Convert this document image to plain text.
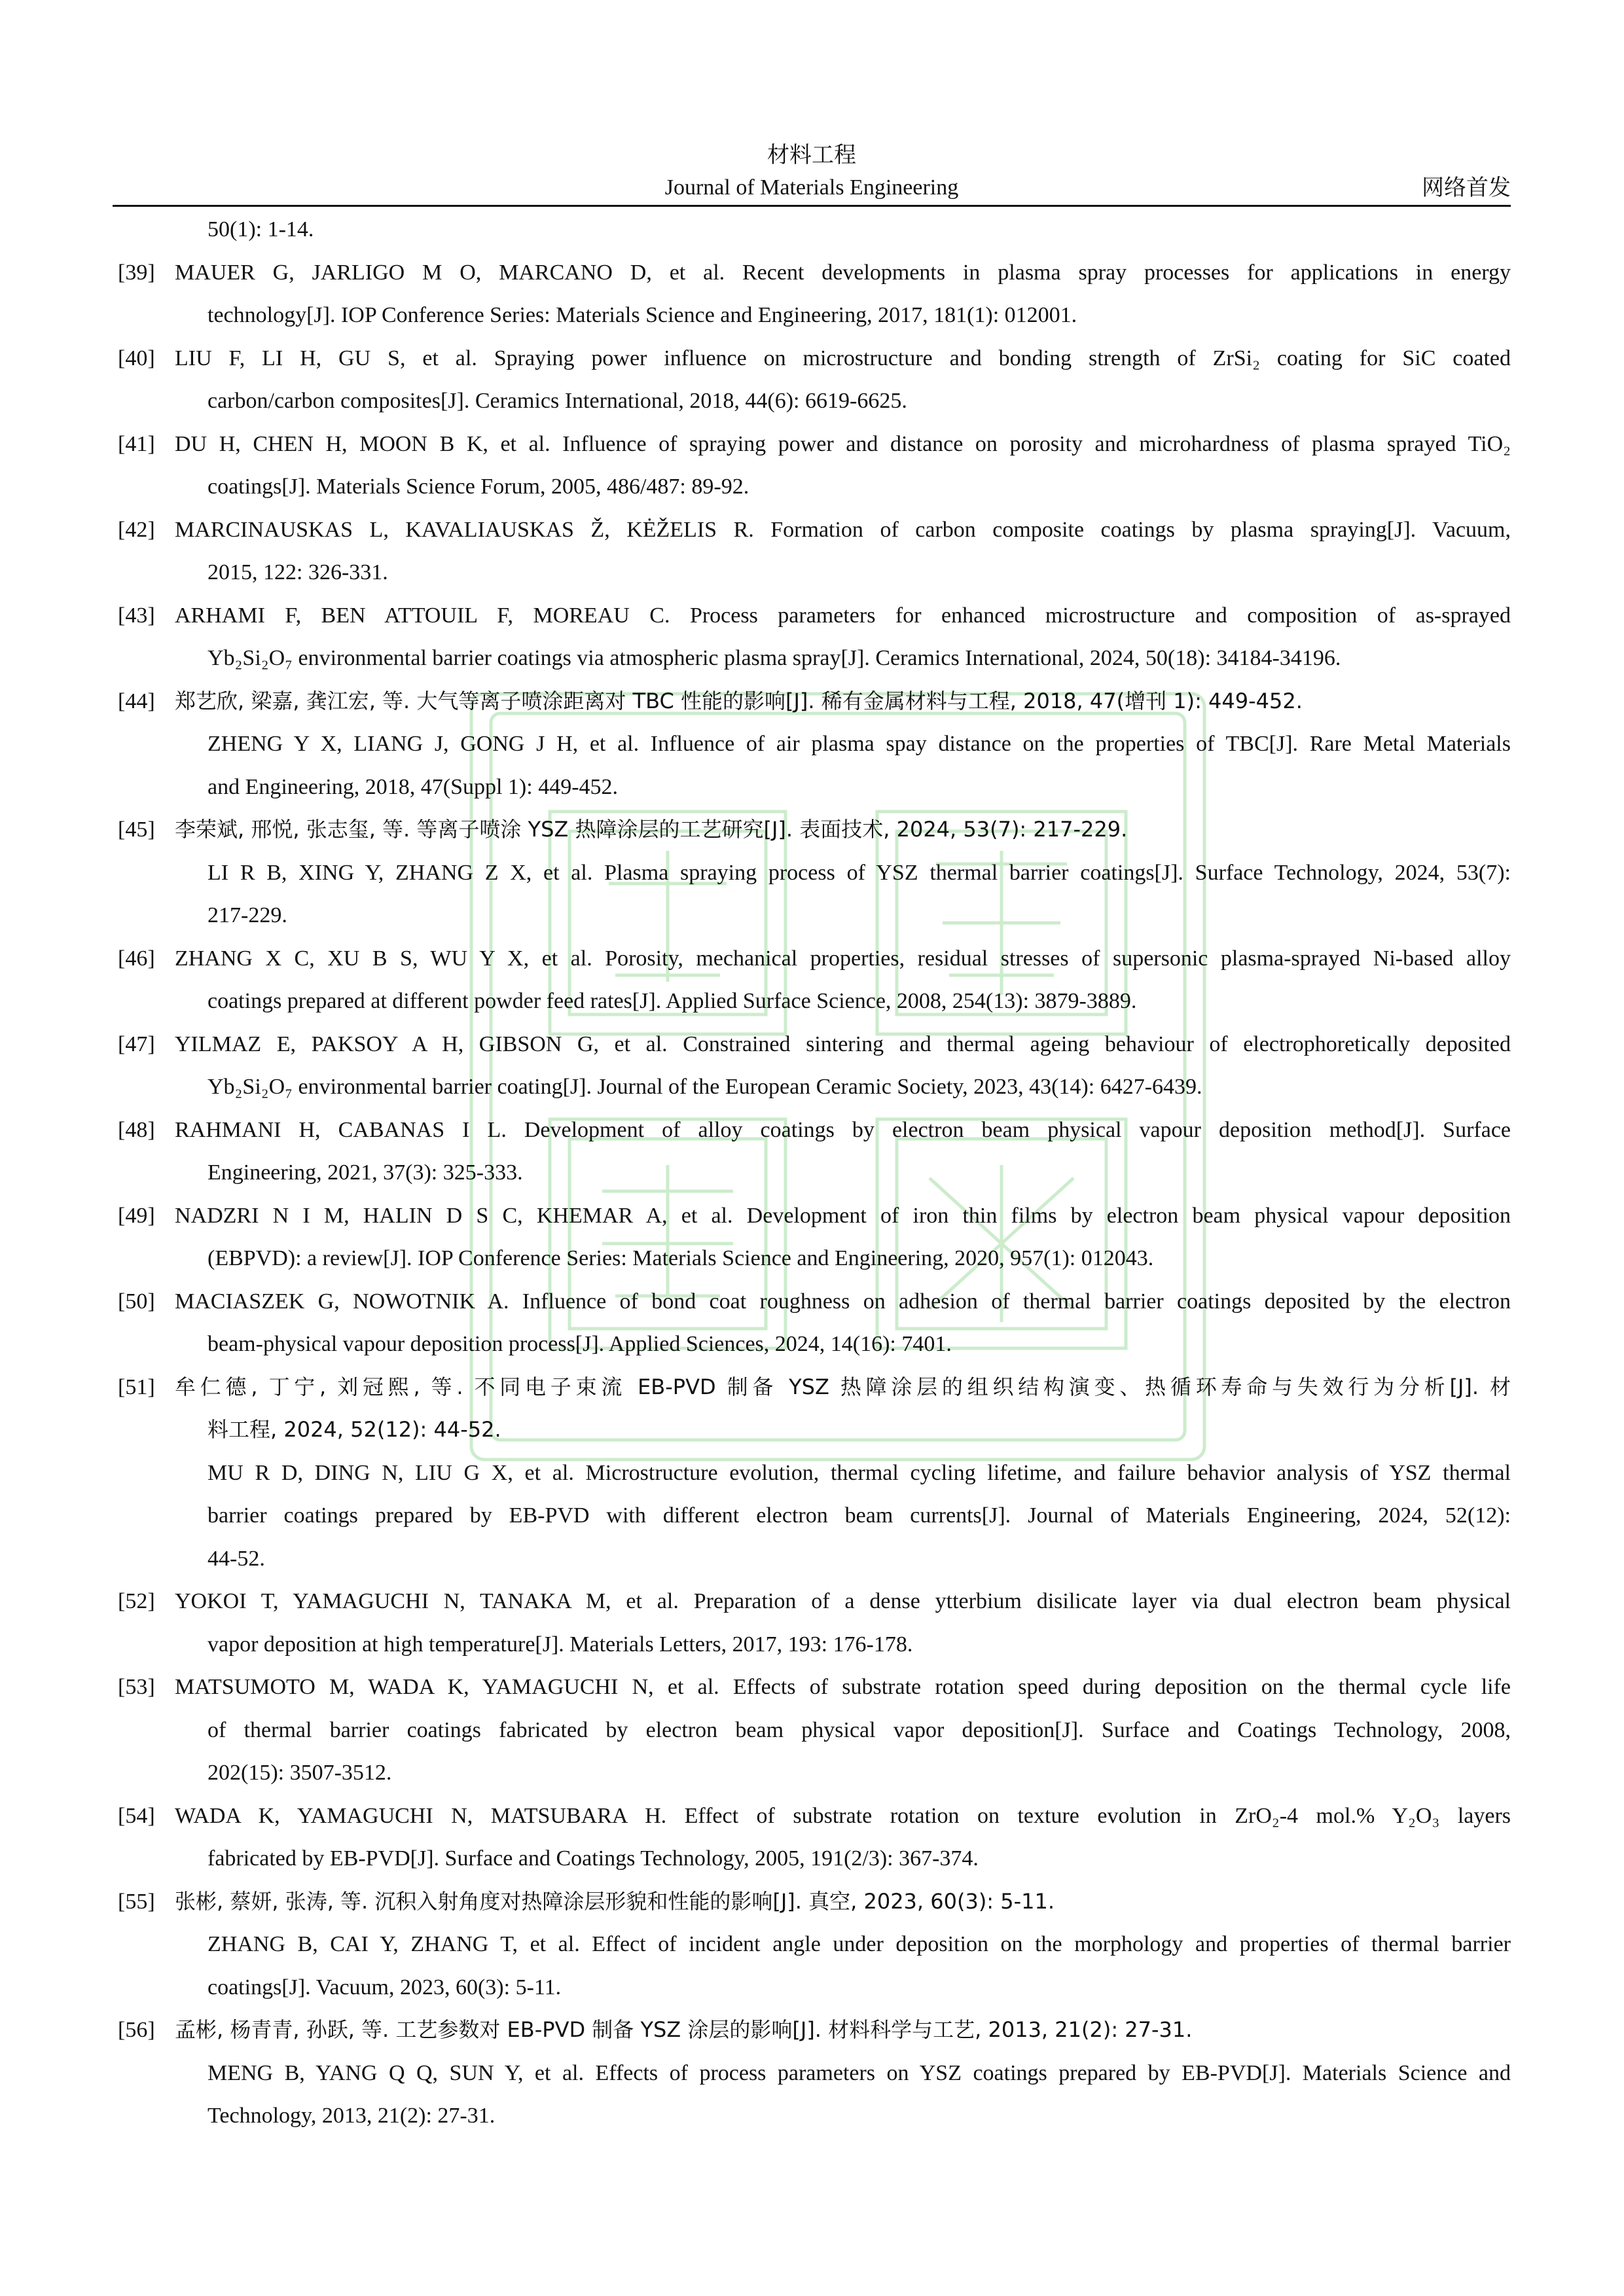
材料工程
Journal of Materials Engineering	网络首发
50(1): 1-14.
[39] MAUER G, JARLIGO M O, MARCANO D, et al. Recent developments in plasma spray processes for applications in energy
technology[J]. IOP Conference Series: Materials Science and Engineering, 2017, 181(1): 012001.
[40] LIU F, LI H, GU S, et al. Spraying power influence on microstructure and bonding strength of ZrSi₂ coating for SiC coated
carbon/carbon composites[J]. Ceramics International, 2018, 44(6): 6619-6625.
[41] DU H, CHEN H, MOON B K, et al. Influence of spraying power and distance on porosity and microhardness of plasma sprayed TiO₂
coatings[J]. Materials Science Forum, 2005, 486/487: 89-92.
[42] MARCINAUSKAS L, KAVALIAUSKAS Ž, KĖŽELIS R. Formation of carbon composite coatings by plasma spraying[J]. Vacuum,
2015, 122: 326-331.
[43] ARHAMI F, BEN ATTOUIL F, MOREAU C. Process parameters for enhanced microstructure and composition of as-sprayed
Yb₂Si₂O₇ environmental barrier coatings via atmospheric plasma spray[J]. Ceramics International, 2024, 50(18): 34184-34196.
[44] 郑艺欣, 梁嘉, 龚江宏, 等. 大气等离子喷涂距离对 TBC 性能的影响[J]. 稀有金属材料与工程, 2018, 47(增刊 1): 449-452.
ZHENG Y X, LIANG J, GONG J H, et al. Influence of air plasma spay distance on the properties of TBC[J]. Rare Metal Materials
and Engineering, 2018, 47(Suppl 1): 449-452.
[45] 李荣斌, 邢悦, 张志玺, 等. 等离子喷涂 YSZ 热障涂层的工艺研究[J]. 表面技术, 2024, 53(7): 217-229.
LI R B, XING Y, ZHANG Z X, et al. Plasma spraying process of YSZ thermal barrier coatings[J]. Surface Technology, 2024, 53(7):
217-229.
[46] ZHANG X C, XU B S, WU Y X, et al. Porosity, mechanical properties, residual stresses of supersonic plasma-sprayed Ni-based alloy
coatings prepared at different powder feed rates[J]. Applied Surface Science, 2008, 254(13): 3879-3889.
[47] YILMAZ E, PAKSOY A H, GIBSON G, et al. Constrained sintering and thermal ageing behaviour of electrophoretically deposited
Yb₂Si₂O₇ environmental barrier coating[J]. Journal of the European Ceramic Society, 2023, 43(14): 6427-6439.
[48] RAHMANI H, CABANAS I L. Development of alloy coatings by electron beam physical vapour deposition method[J]. Surface
Engineering, 2021, 37(3): 325-333.
[49] NADZRI N I M, HALIN D S C, KHEMAR A, et al. Development of iron thin films by electron beam physical vapour deposition
(EBPVD): a review[J]. IOP Conference Series: Materials Science and Engineering, 2020, 957(1): 012043.
[50] MACIASZEK G, NOWOTNIK A. Influence of bond coat roughness on adhesion of thermal barrier coatings deposited by the electron
beam‑physical vapour deposition process[J]. Applied Sciences, 2024, 14(16): 7401.
[51] 牟仁德, 丁宁, 刘冠熙, 等. 不同电子束流 EB-PVD 制备 YSZ 热障涂层的组织结构演变、热循环寿命与失效行为分析[J]. 材
料工程, 2024, 52(12): 44-52.
MU R D, DING N, LIU G X, et al. Microstructure evolution, thermal cycling lifetime, and failure behavior analysis of YSZ thermal
barrier coatings prepared by EB-PVD with different electron beam currents[J]. Journal of Materials Engineering, 2024, 52(12):
44-52.
[52] YOKOI T, YAMAGUCHI N, TANAKA M, et al. Preparation of a dense ytterbium disilicate layer via dual electron beam physical
vapor deposition at high temperature[J]. Materials Letters, 2017, 193: 176-178.
[53] MATSUMOTO M, WADA K, YAMAGUCHI N, et al. Effects of substrate rotation speed during deposition on the thermal cycle life
of thermal barrier coatings fabricated by electron beam physical vapor deposition[J]. Surface and Coatings Technology, 2008,
202(15): 3507-3512.
[54] WADA K, YAMAGUCHI N, MATSUBARA H. Effect of substrate rotation on texture evolution in ZrO₂-4 mol.% Y₂O₃ layers
fabricated by EB-PVD[J]. Surface and Coatings Technology, 2005, 191(2/3): 367-374.
[55] 张彬, 蔡妍, 张涛, 等. 沉积入射角度对热障涂层形貌和性能的影响[J]. 真空, 2023, 60(3): 5-11.
ZHANG B, CAI Y, ZHANG T, et al. Effect of incident angle under deposition on the morphology and properties of thermal barrier
coatings[J]. Vacuum, 2023, 60(3): 5-11.
[56] 孟彬, 杨青青, 孙跃, 等. 工艺参数对 EB-PVD 制备 YSZ 涂层的影响[J]. 材料科学与工艺, 2013, 21(2): 27-31.
MENG B, YANG Q Q, SUN Y, et al. Effects of process parameters on YSZ coatings prepared by EB-PVD[J]. Materials Science and
Technology, 2013, 21(2): 27-31.
